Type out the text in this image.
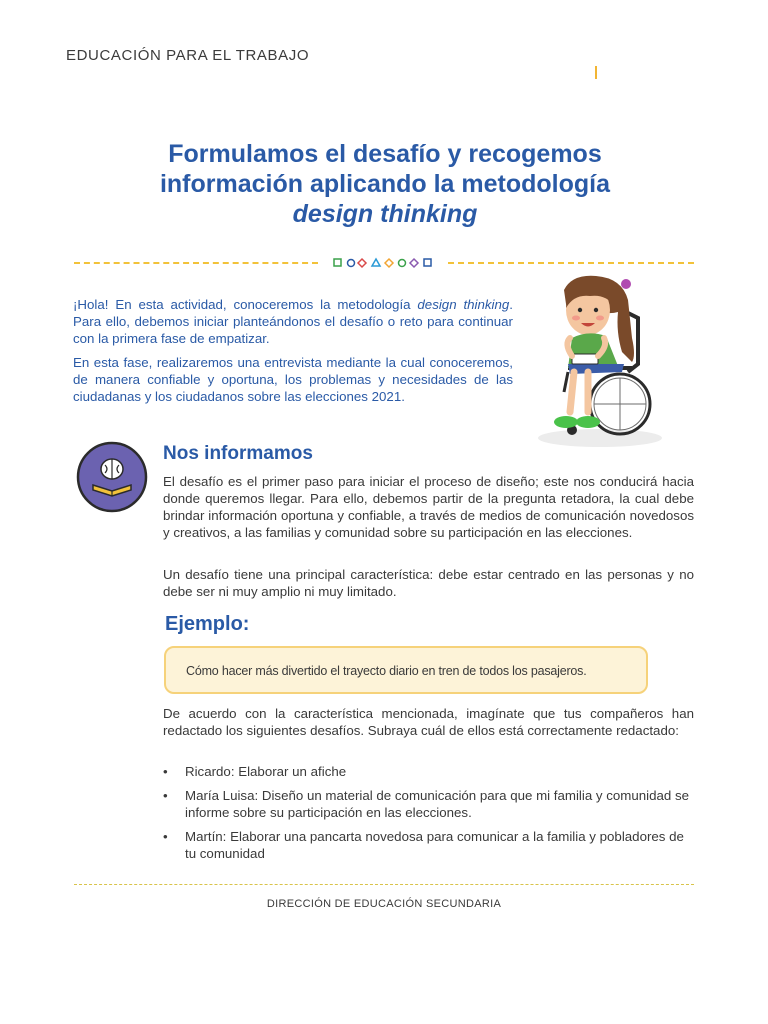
EDUCACIÓN PARA EL TRABAJO
Formulamos el desafío y recogemos
información aplicando la metodología
design thinking

¡Hola! En esta actividad, conoceremos la metodología design thinking. Para ello, debemos iniciar planteándonos el desafío o reto para continuar con la primera fase de empatizar.

En esta fase, realizaremos una entrevista mediante la cual conoceremos, de manera confiable y oportuna, los problemas y necesidades de las ciudadanas y los ciudadanos sobre las elecciones 2021.

Nos informamos

El desafío es el primer paso para iniciar el proceso de diseño; este nos conducirá hacia donde queremos llegar. Para ello, debemos partir de la pregunta retadora, la cual debe brindar información oportuna y confiable, a través de medios de comunicación novedosos y creativos, a las familias y comunidad sobre su participación en las elecciones.

Un desafío tiene una principal característica: debe estar centrado en las personas y no debe ser ni muy amplio ni muy limitado.

Ejemplo:
Cómo hacer más divertido el trayecto diario en tren de todos los pasajeros.

De acuerdo con la característica mencionada, imagínate que tus compañeros han redactado los siguientes desafíos. Subraya cuál de ellos está correctamente redactado:

• Ricardo: Elaborar un afiche
• María Luisa: Diseño un material de comunicación para que mi familia y comunidad se informe sobre su participación en las elecciones.
• Martín: Elaborar una pancarta novedosa para comunicar a la familia y pobladores de tu comunidad
DIRECCIÓN DE EDUCACIÓN SECUNDARIA
